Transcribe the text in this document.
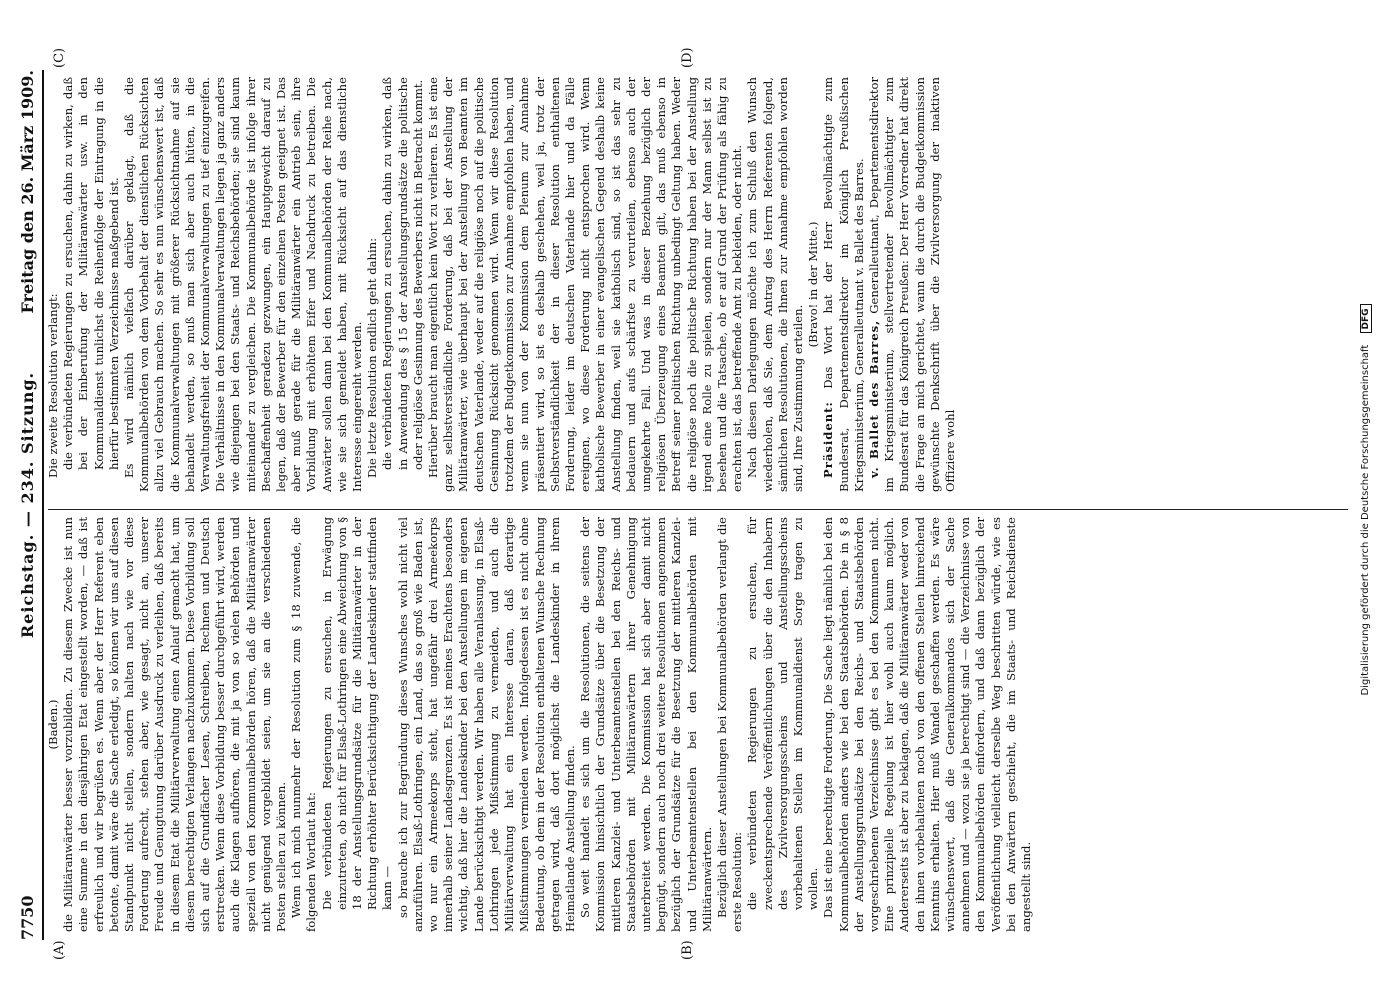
7750
Reichstag. — 234. Sitzung.
Freitag den 26. März 1909.
(A)	(B)
(C)	(D)

(Baden.) die Militäranwärter besser vorzubilden. Zu diesem Zwecke ist nun eine Summe in den diesjährigen Etat eingestellt worden, — daß ist erfreulich und wir begrüßen es. Wenn aber der Herr Referent eben betonte, damit wäre die Sache erledigt, so können wir uns auf diesen Standpunkt nicht stellen, sondern halten nach wie vor diese Forderung aufrecht, stehen aber, wie gesagt, nicht an, unserer Freude und Genugtuung darüber Ausdruck zu verleihen, daß bereits in diesem Etat die Militärverwaltung einen Anlauf gemacht hat, um diesem berechtigten Verlangen nachzukommen. Diese Vorbildung soll sich auf die Grundfächer Lesen, Schreiben, Rechnen und Deutsch erstrecken. Wenn diese Vorbildung besser durchgeführt wird, werden auch die Klagen aufhören, die mit ja von so vielen Behörden und speziell von den Kommunalbehörden hören, daß die Militäranwärter nicht genügend vorgebildet seien, um sie an die verschiedenen Posten stellen zu können. Wenn ich mich nunmehr der Resolution zum § 18 zuwende, die folgenden Wortlaut hat: Die verbündeten Regierungen zu ersuchen, in Erwägung einzutreten, ob nicht für Elsaß-Lothringen eine Abweichung von § 18 der Anstellungsgrundsätze für die Militäranwärter in der Richtung erhöhter Berücksichtigung der Landeskinder stattfinden kann — so brauche ich zur Begründung dieses Wunsches wohl nicht viel anzuführen. Elsaß-Lothringen, ein Land, das so groß wie Baden ist, wo nur ein Armeekorps steht, hat ungefähr drei Armeekorps innerhalb seiner Landesgrenzen. Es ist meines Erachtens besonders wichtig, daß hier die Landeskinder bei den Anstellungen im eigenen Lande berücksichtigt werden. Wir haben alle Veranlassung, in Elsaß-Lothringen jede Mißstimmung zu vermeiden, und auch die Militärverwaltung hat ein Interesse daran, daß derartige Mißstimmungen vermieden werden. Infolgedessen ist es nicht ohne Bedeutung, ob dem in der Resolution enthaltenen Wunsche Rechnung getragen wird, daß dort möglichst die Landeskinder in ihrem Heimatlande Anstellung finden. So weit handelt es sich um die Resolutionen, die seitens der Kommission hinsichtlich der Grundsätze über die Besetzung der mittleren Kanzlei- und Unterbeamtenstellen bei den Reichs- und Staatsbehörden mit Militäranwärtern ihrer Genehmigung unterbreitet werden. Die Kommission hat sich aber damit nicht begnügt, sondern auch noch drei weitere Resolutionen angenommen bezüglich der Grundsätze für die Besetzung der mittleren Kanzlei- und Unterbeamtenstellen bei den Kommunalbehörden mit Militäranwärtern. Bezüglich dieser Anstellungen bei Kommunalbehörden verlangt die erste Resolution: die verbündeten Regierungen zu ersuchen, für zweckentsprechende Veröffentlichungen über die den Inhabern des Zivilversorgungsscheins und Anstellungsscheins vorbehaltenen Stellen im Kommunaldienst Sorge tragen zu wollen. Das ist eine berechtigte Forderung. Die Sache liegt nämlich bei den Kommunalbehörden anders wie bei den Staatsbehörden. Die in § 8 der Anstellungsgrundsätze bei den Reichs- und Staatsbehörden vorgeschriebenen Verzeichnisse gibt es bei den Kommunen nicht. Eine prinzipielle Regelung ist hier wohl auch kaum möglich. Andererseits ist aber zu beklagen, daß die Militäranwärter weder von den ihnen vorbehaltenen noch von den offenen Stellen hinreichend Kenntnis erhalten. Hier muß Wandel geschaffen werden. Es wäre wünschenswert, daß die Generalkommandos sich der Sache annehmen und — wozu sie ja berechtigt sind — die Verzeichnisse von den Kommunalbehörden einfordern, und daß dann bezüglich der Veröffentlichung vielleicht derselbe Weg beschritten würde, wie es bei den Anwärtern geschieht, die im Staats- und Reichsdienste angestellt sind.

Die zweite Resolution verlangt: die verbündeten Regierungen zu ersuchen, dahin zu wirken, daß bei der Einberufung der Militäranwärter usw. in den Kommunaldienst tunlichst die Reihenfolge der Eintragung in die hierfür bestimmten Verzeichnisse maßgebend ist. Es wird nämlich vielfach darüber geklagt, daß die Kommunalbehörden von dem Vorbehalt der dienstlichen Rücksichten allzu viel Gebrauch machen. So sehr es nun wünschenswert ist, daß die Kommunalverwaltungen mit größerer Rücksichtnahme auf sie behandelt werden, so muß man sich aber auch hüten, in die Verwaltungsfreiheit der Kommunalverwaltungen zu tief einzugreifen. Die Verhältnisse in den Kommunalverwaltungen liegen ja ganz anders wie diejenigen bei den Staats- und Reichsbehörden; sie sind kaum miteinander zu vergleichen. Die Kommunalbehörde ist infolge ihrer Beschaffenheit geradezu gezwungen, ein Hauptgewicht darauf zu legen, daß der Bewerber für den einzelnen Posten geeignet ist. Das aber muß gerade für die Militäranwärter ein Antrieb sein, ihre Vorbildung mit erhöhtem Eifer und Nachdruck zu betreiben. Die Anwärter sollen dann bei den Kommunalbehörden der Reihe nach, wie sie sich gemeldet haben, mit Rücksicht auf das dienstliche Interesse eingereiht werden. Die letzte Resolution endlich geht dahin: die verbündeten Regierungen zu ersuchen, dahin zu wirken, daß in Anwendung des § 15 der Anstellungsgrundsätze die politische oder religiöse Gesinnung des Bewerbers nicht in Betracht kommt. Hierüber braucht man eigentlich kein Wort zu verlieren. Es ist eine ganz selbstverständliche Forderung, daß bei der Anstellung der Militäranwärter, wie überhaupt bei der Anstellung von Beamten im deutschen Vaterlande, weder auf die religiöse noch auf die politische Gesinnung Rücksicht genommen wird. Wenn wir diese Resolution trotzdem der Budgetkommission zur Annahme empfohlen haben, und wenn sie nun von der Kommission dem Plenum zur Annahme präsentiert wird, so ist es deshalb geschehen, weil ja, trotz der Selbstverständlichkeit der in dieser Resolution enthaltenen Forderung, leider im deutschen Vaterlande hier und da Fälle ereignen, wo diese Forderung nicht entsprochen wird. Wenn katholische Bewerber in einer evangelischen Gegend deshalb keine Anstellung finden, weil sie katholisch sind, so ist das sehr zu bedauern und aufs schärfste zu verurteilen, ebenso auch der umgekehrte Fall. Und was in dieser Beziehung bezüglich der religiösen Überzeugung eines Beamten gilt, das muß ebenso in Betreff seiner politischen Richtung unbedingt Geltung haben. Weder die religiöse noch die politische Richtung haben bei der Anstellung irgend eine Rolle zu spielen, sondern nur der Mann selbst ist zu besehen und die Tatsache, ob er auf Grund der Prüfung als fähig zu erachten ist, das betreffende Amt zu bekleiden, oder nicht. Nach diesen Darlegungen möchte ich zum Schluß den Wunsch wiederholen, daß Sie, dem Antrag des Herrn Referenten folgend, sämtlichen Resolutionen, die Ihnen zur Annahme empfohlen worden sind, Ihre Zustimmung erteilen.

(Bravo! in der Mitte.)

Präsident: Das Wort hat der Herr Bevollmächtigte zum Bundesrat, Departementsdirektor im Königlich Preußischen Kriegsministerium, Generalleutnant v. Ballet des Barres. v. Ballet des Barres, Generalleutnant, Departementsdirektor im Kriegsministerium, stellvertretender Bevollmächtigter zum Bundesrat für das Königreich Preußen: Der Herr Vorredner hat direkt die Frage an mich gerichtet, wann die durch die Budgetkommission gewünschte Denkschrift über die Zivilversorgung der inaktiven Offiziere wohl	Digitalisierung gefördert durch die Deutsche Forschungsgemeinschaft DFG
